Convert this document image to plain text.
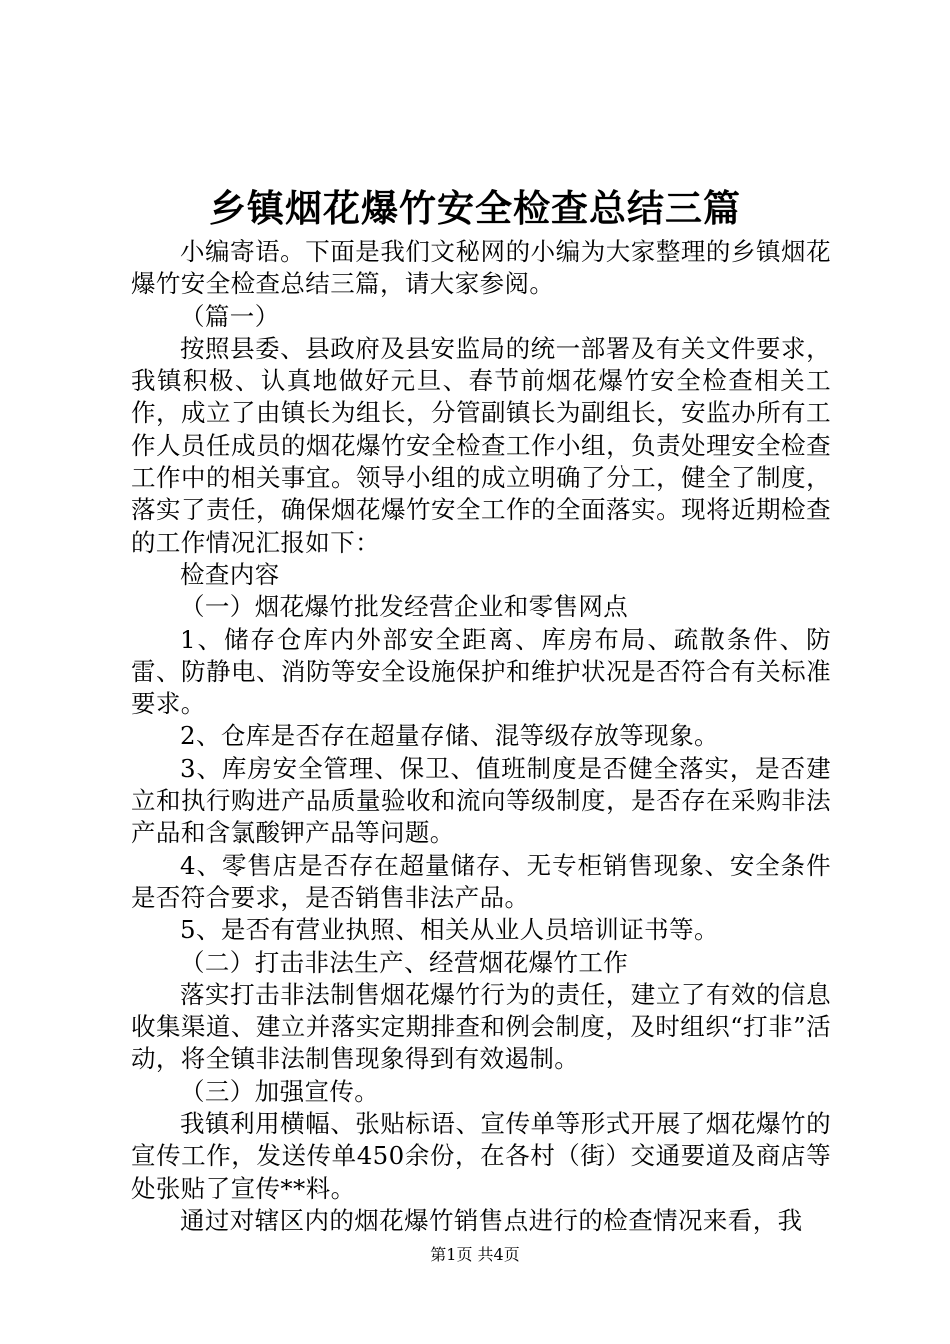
乡镇烟花爆竹安全检查总结三篇

小编寄语。下面是我们文秘网的小编为大家整理的乡镇烟花爆竹安全检查总结三篇，请大家参阅。

（篇一）

按照县委、县政府及县安监局的统一部署及有关文件要求，我镇积极、认真地做好元旦、春节前烟花爆竹安全检查相关工作，成立了由镇长为组长，分管副镇长为副组长，安监办所有工作人员任成员的烟花爆竹安全检查工作小组，负责处理安全检查工作中的相关事宜。领导小组的成立明确了分工，健全了制度，落实了责任，确保烟花爆竹安全工作的全面落实。现将近期检查的工作情况汇报如下：

检查内容

（一）烟花爆竹批发经营企业和零售网点

1、储存仓库内外部安全距离、库房布局、疏散条件、防雷、防静电、消防等安全设施保护和维护状况是否符合有关标准要求。

2、仓库是否存在超量存储、混等级存放等现象。

3、库房安全管理、保卫、值班制度是否健全落实，是否建立和执行购进产品质量验收和流向等级制度，是否存在采购非法产品和含氯酸钾产品等问题。

4、零售店是否存在超量储存、无专柜销售现象、安全条件是否符合要求，是否销售非法产品。

5、是否有营业执照、相关从业人员培训证书等。

（二）打击非法生产、经营烟花爆竹工作

落实打击非法制售烟花爆竹行为的责任，建立了有效的信息收集渠道、建立并落实定期排查和例会制度，及时组织“打非”活动，将全镇非法制售现象得到有效遏制。

（三）加强宣传。

我镇利用横幅、张贴标语、宣传单等形式开展了烟花爆竹的宣传工作，发送传单450余份，在各村（街）交通要道及商店等处张贴了宣传**料。

通过对辖区内的烟花爆竹销售点进行的检查情况来看，我

第1页 共4页
